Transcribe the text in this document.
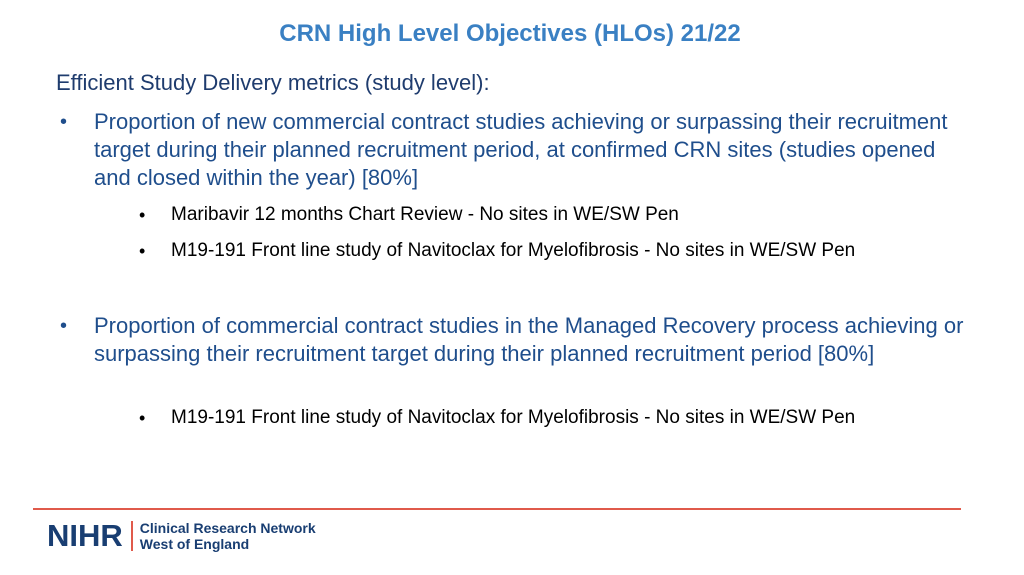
CRN High Level Objectives (HLOs) 21/22

Efficient Study Delivery metrics (study level):

• Proportion of new commercial contract studies achieving or surpassing their recruitment target during their planned recruitment period, at confirmed CRN sites (studies opened and closed within the year) [80%]
• Maribavir 12 months Chart Review - No sites in WE/SW Pen
• M19-191 Front line study of Navitoclax for Myelofibrosis - No sites in WE/SW Pen
• Proportion of commercial contract studies in the Managed Recovery process achieving or surpassing their recruitment target during their planned recruitment period [80%]
• M19-191 Front line study of Navitoclax for Myelofibrosis - No sites in WE/SW Pen
NIHR Clinical Research Network
West of England
